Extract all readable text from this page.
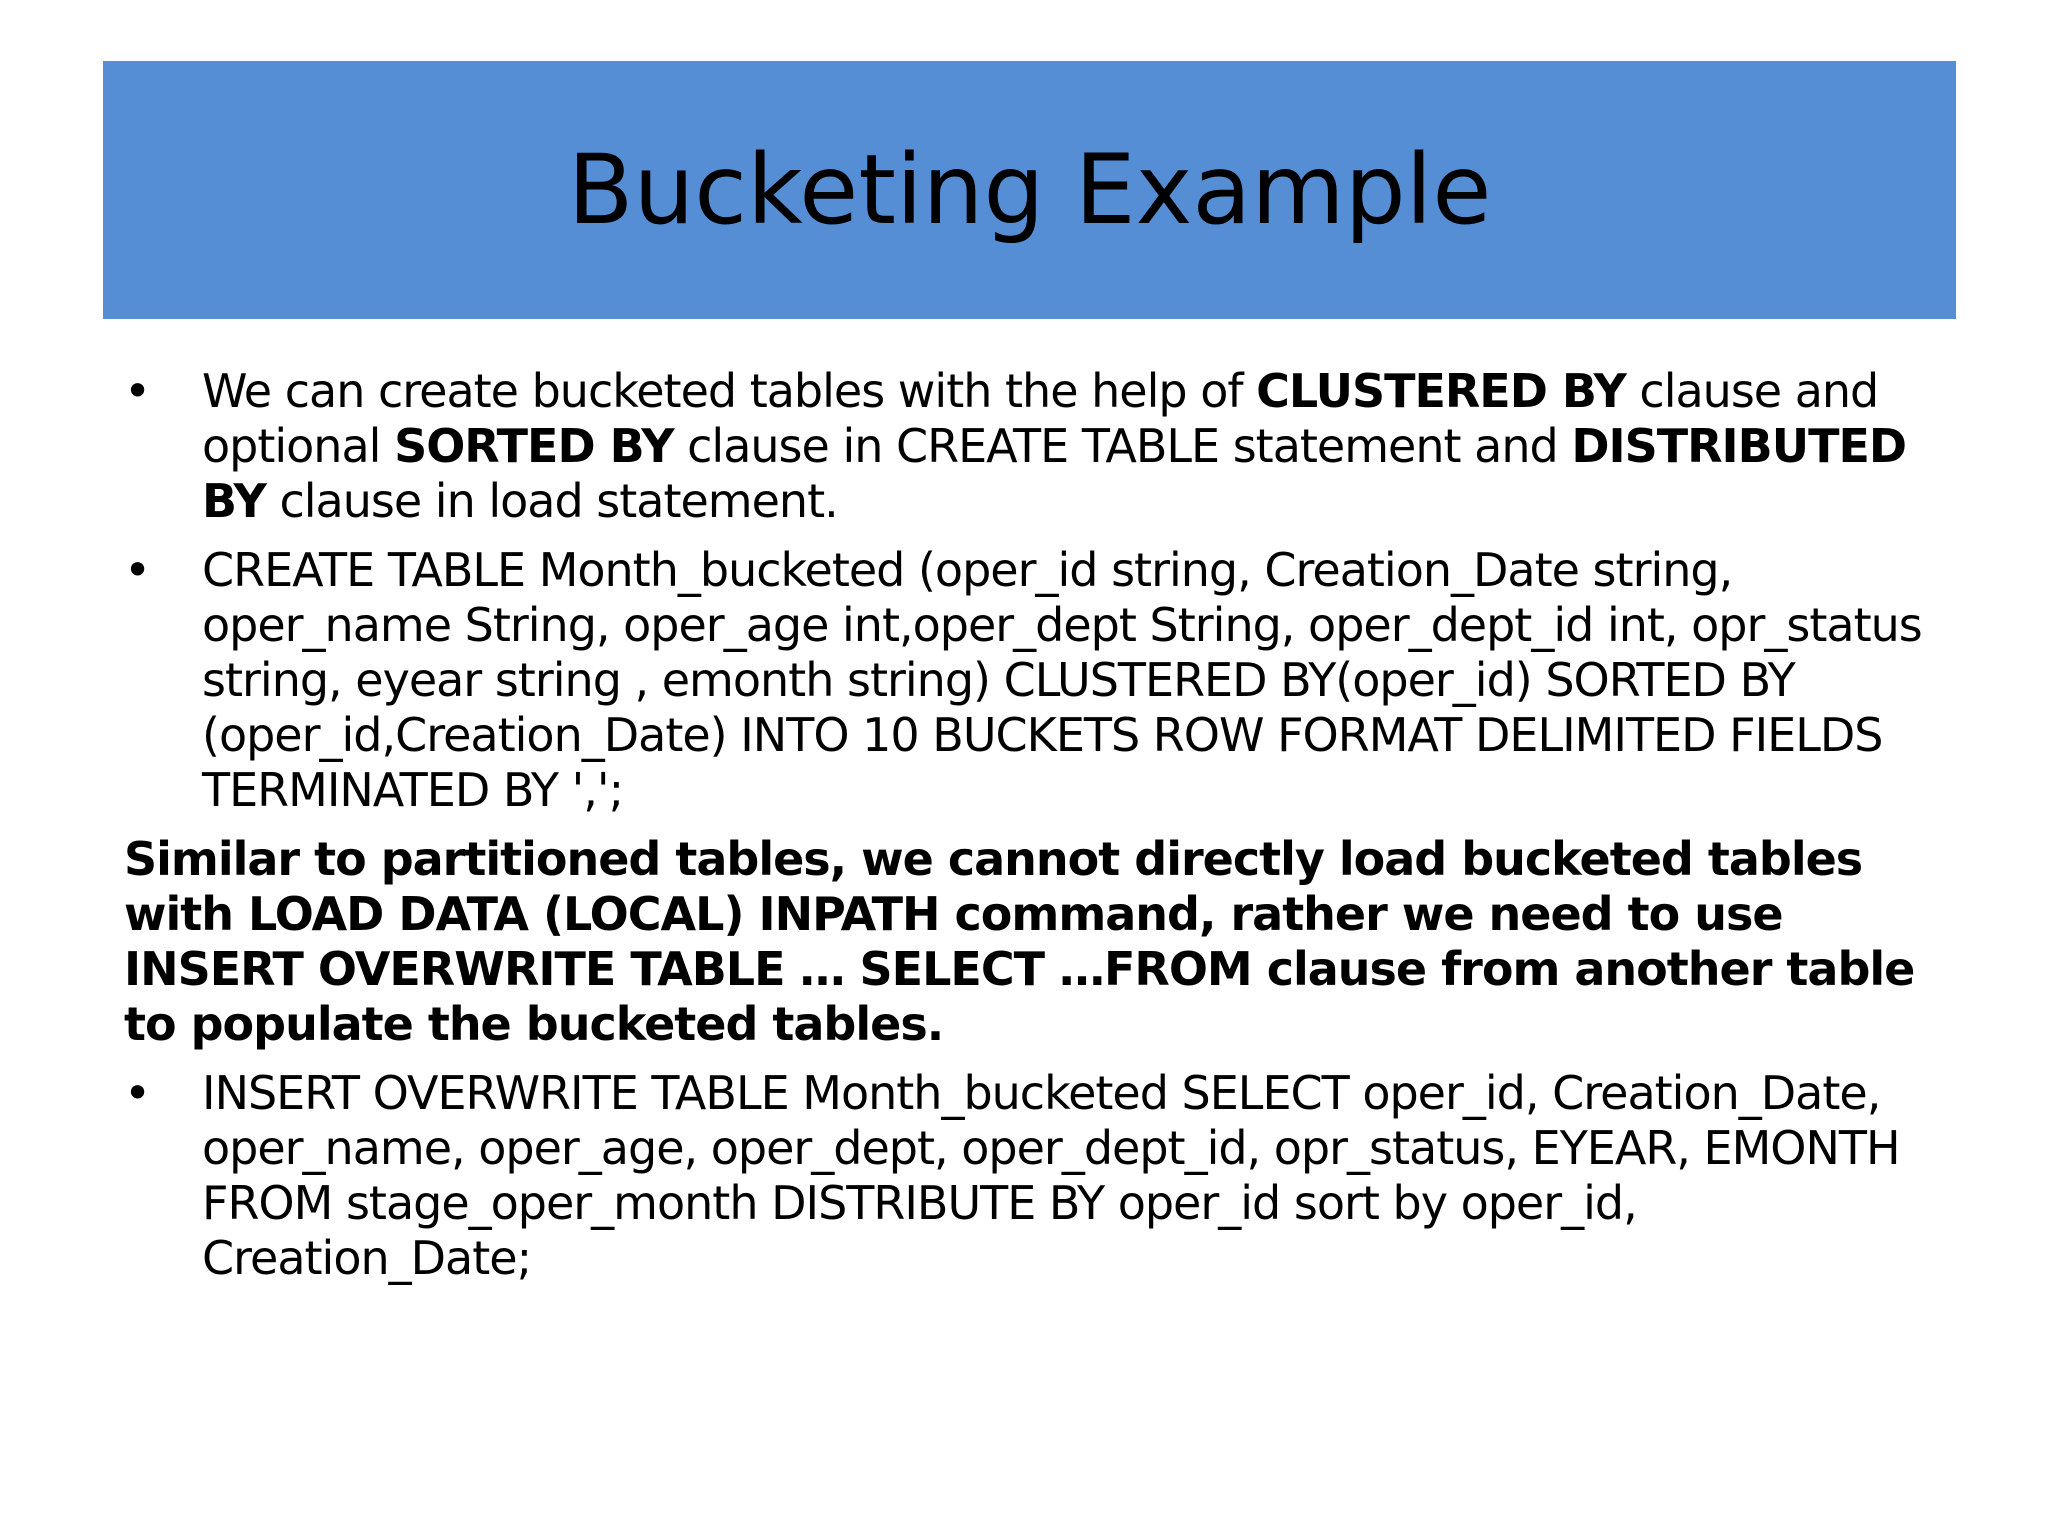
Bucketing Example
•	We can create bucketed tables with the help of CLUSTERED BY clause and optional SORTED BY clause in CREATE TABLE statement and DISTRIBUTED BY clause in load statement.
•	CREATE TABLE Month_bucketed (oper_id string, Creation_Date string, oper_name String, oper_age int,oper_dept String, oper_dept_id int, opr_status string, eyear string , emonth string) CLUSTERED BY(oper_id) SORTED BY (oper_id,Creation_Date) INTO 10 BUCKETS ROW FORMAT DELIMITED FIELDS TERMINATED BY ',';
Similar to partitioned tables, we cannot directly load bucketed tables with LOAD DATA (LOCAL) INPATH command, rather we need to use INSERT OVERWRITE TABLE … SELECT …FROM clause from another table to populate the bucketed tables.
•	INSERT OVERWRITE TABLE Month_bucketed SELECT oper_id, Creation_Date, oper_name, oper_age, oper_dept, oper_dept_id, opr_status, EYEAR, EMONTH FROM stage_oper_month DISTRIBUTE BY oper_id sort by oper_id, Creation_Date;
